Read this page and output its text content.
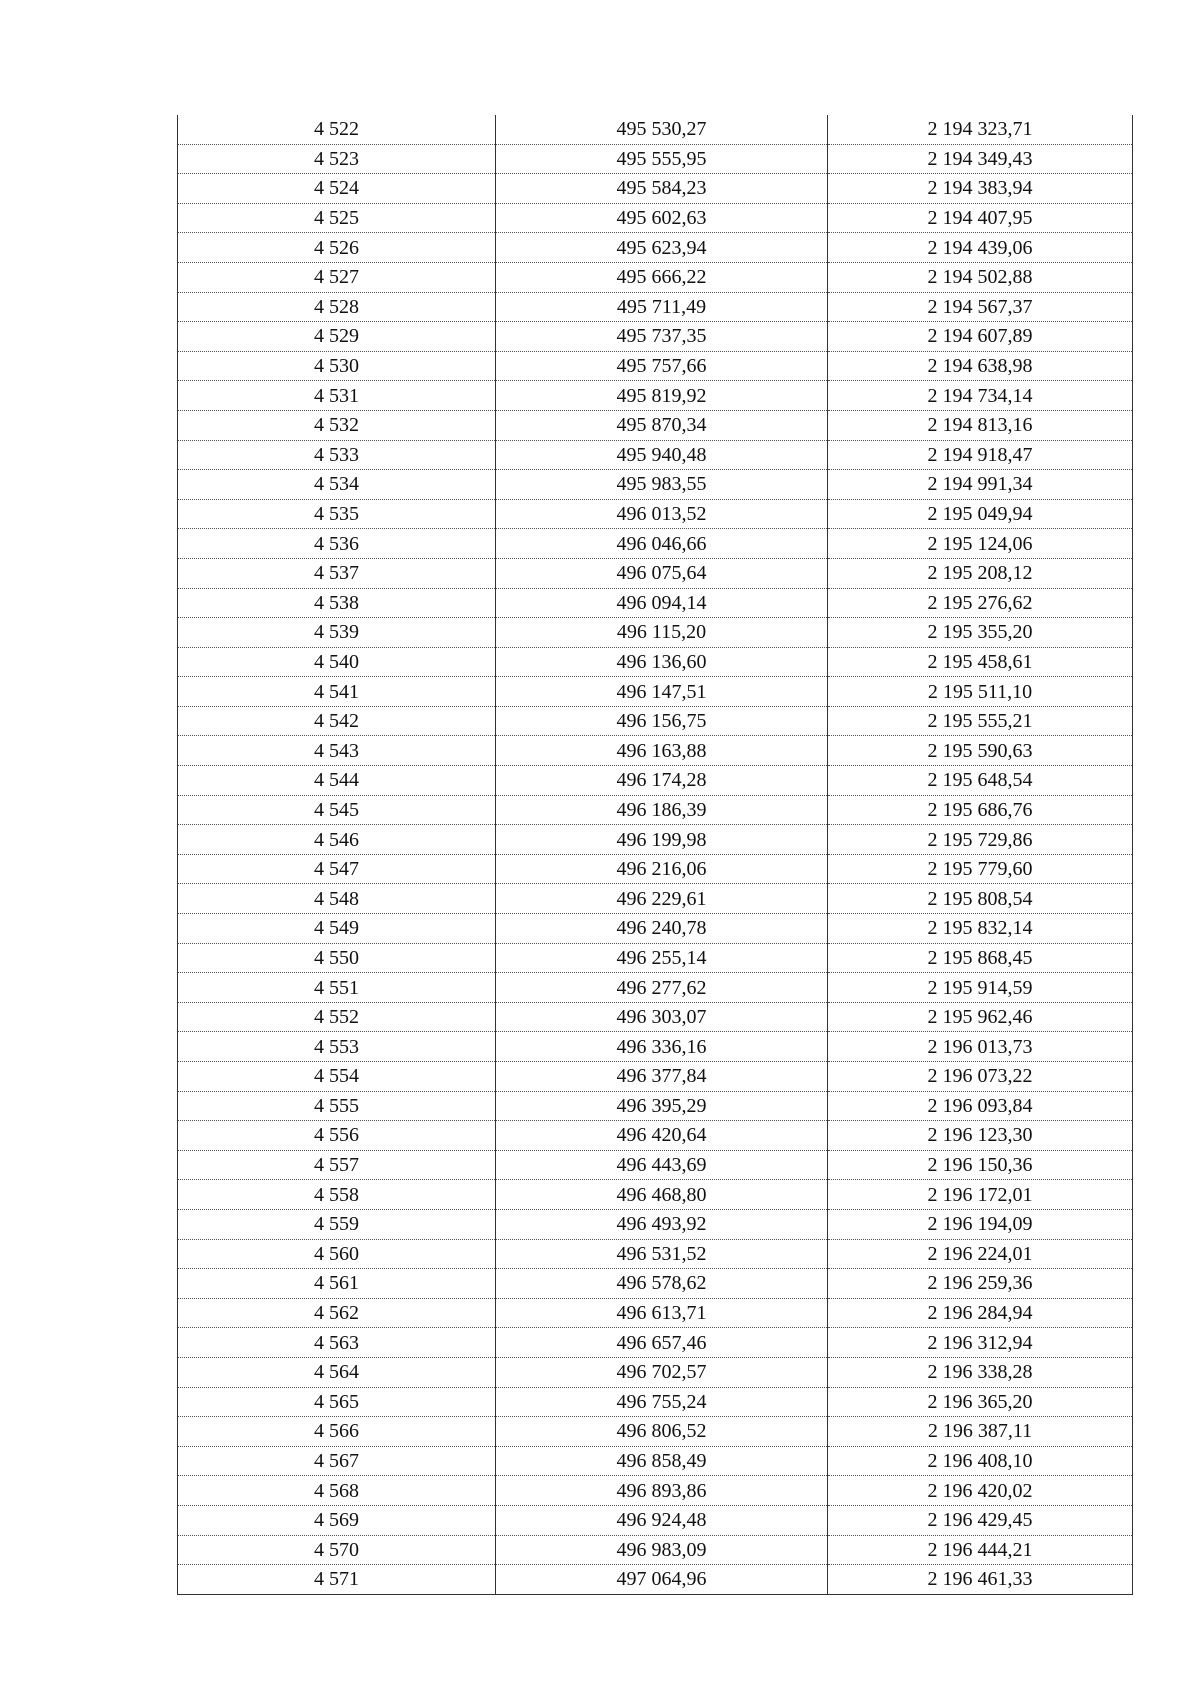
4 522	495 530,27	2 194 323,71
4 523	495 555,95	2 194 349,43
4 524	495 584,23	2 194 383,94
4 525	495 602,63	2 194 407,95
4 526	495 623,94	2 194 439,06
4 527	495 666,22	2 194 502,88
4 528	495 711,49	2 194 567,37
4 529	495 737,35	2 194 607,89
4 530	495 757,66	2 194 638,98
4 531	495 819,92	2 194 734,14
4 532	495 870,34	2 194 813,16
4 533	495 940,48	2 194 918,47
4 534	495 983,55	2 194 991,34
4 535	496 013,52	2 195 049,94
4 536	496 046,66	2 195 124,06
4 537	496 075,64	2 195 208,12
4 538	496 094,14	2 195 276,62
4 539	496 115,20	2 195 355,20
4 540	496 136,60	2 195 458,61
4 541	496 147,51	2 195 511,10
4 542	496 156,75	2 195 555,21
4 543	496 163,88	2 195 590,63
4 544	496 174,28	2 195 648,54
4 545	496 186,39	2 195 686,76
4 546	496 199,98	2 195 729,86
4 547	496 216,06	2 195 779,60
4 548	496 229,61	2 195 808,54
4 549	496 240,78	2 195 832,14
4 550	496 255,14	2 195 868,45
4 551	496 277,62	2 195 914,59
4 552	496 303,07	2 195 962,46
4 553	496 336,16	2 196 013,73
4 554	496 377,84	2 196 073,22
4 555	496 395,29	2 196 093,84
4 556	496 420,64	2 196 123,30
4 557	496 443,69	2 196 150,36
4 558	496 468,80	2 196 172,01
4 559	496 493,92	2 196 194,09
4 560	496 531,52	2 196 224,01
4 561	496 578,62	2 196 259,36
4 562	496 613,71	2 196 284,94
4 563	496 657,46	2 196 312,94
4 564	496 702,57	2 196 338,28
4 565	496 755,24	2 196 365,20
4 566	496 806,52	2 196 387,11
4 567	496 858,49	2 196 408,10
4 568	496 893,86	2 196 420,02
4 569	496 924,48	2 196 429,45
4 570	496 983,09	2 196 444,21
4 571	497 064,96	2 196 461,33
